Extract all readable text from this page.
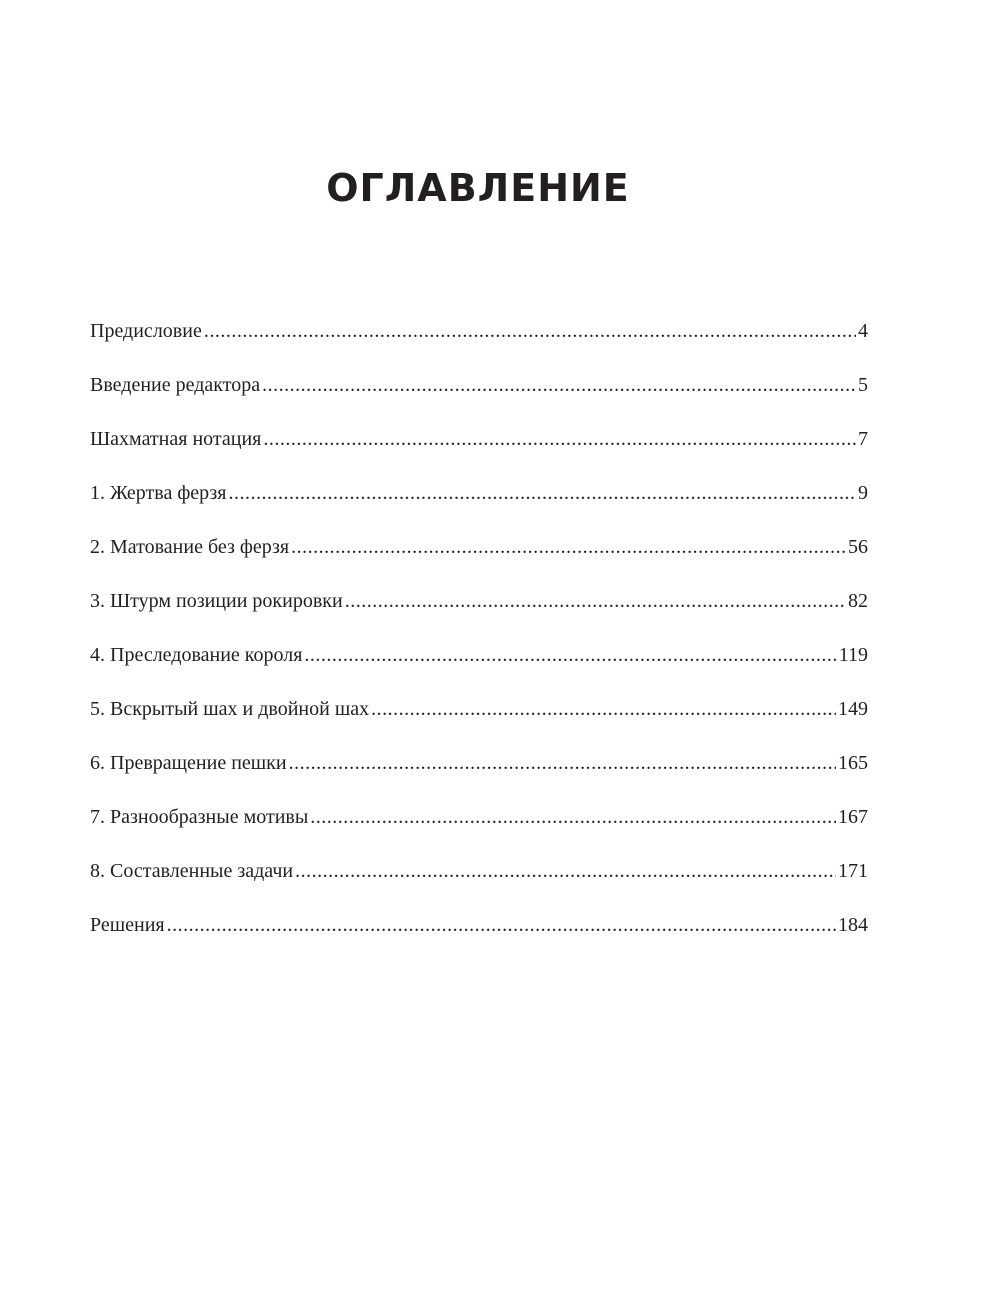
ОГЛАВЛЕНИЕ
Предисловие .....	4
Введение редактора .....	5
Шахматная нотация .....	7
1. Жертва ферзя .....	9
2. Матование без ферзя .....	56
3. Штурм позиции рокировки .....	82
4. Преследование короля .....	119
5. Вскрытый шах и двойной шах .....	149
6. Превращение пешки .....	165
7. Разнообразные мотивы .....	167
8. Составленные задачи .....	171
Решения .....	184
